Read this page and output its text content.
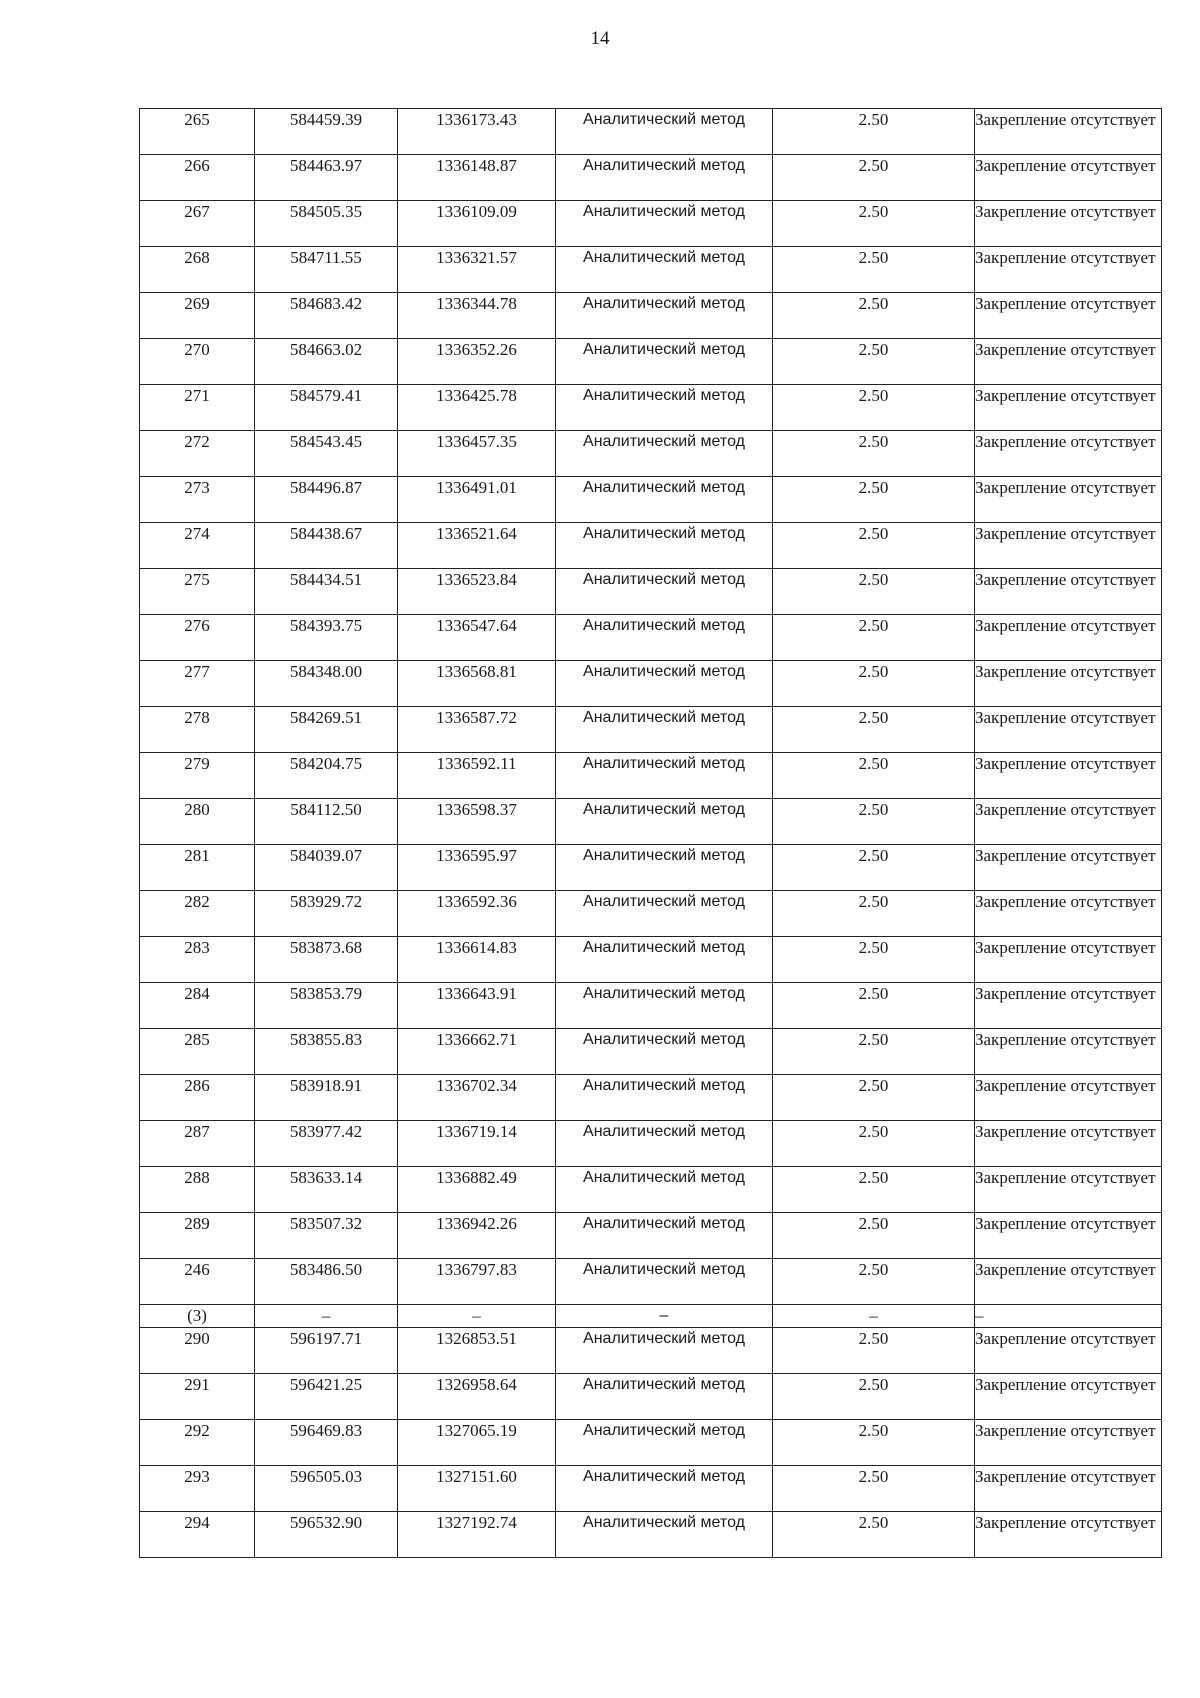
14
265	584459.39	1336173.43	Аналитический метод	2.50	Закрепление отсутствует
266	584463.97	1336148.87	Аналитический метод	2.50	Закрепление отсутствует
267	584505.35	1336109.09	Аналитический метод	2.50	Закрепление отсутствует
268	584711.55	1336321.57	Аналитический метод	2.50	Закрепление отсутствует
269	584683.42	1336344.78	Аналитический метод	2.50	Закрепление отсутствует
270	584663.02	1336352.26	Аналитический метод	2.50	Закрепление отсутствует
271	584579.41	1336425.78	Аналитический метод	2.50	Закрепление отсутствует
272	584543.45	1336457.35	Аналитический метод	2.50	Закрепление отсутствует
273	584496.87	1336491.01	Аналитический метод	2.50	Закрепление отсутствует
274	584438.67	1336521.64	Аналитический метод	2.50	Закрепление отсутствует
275	584434.51	1336523.84	Аналитический метод	2.50	Закрепление отсутствует
276	584393.75	1336547.64	Аналитический метод	2.50	Закрепление отсутствует
277	584348.00	1336568.81	Аналитический метод	2.50	Закрепление отсутствует
278	584269.51	1336587.72	Аналитический метод	2.50	Закрепление отсутствует
279	584204.75	1336592.11	Аналитический метод	2.50	Закрепление отсутствует
280	584112.50	1336598.37	Аналитический метод	2.50	Закрепление отсутствует
281	584039.07	1336595.97	Аналитический метод	2.50	Закрепление отсутствует
282	583929.72	1336592.36	Аналитический метод	2.50	Закрепление отсутствует
283	583873.68	1336614.83	Аналитический метод	2.50	Закрепление отсутствует
284	583853.79	1336643.91	Аналитический метод	2.50	Закрепление отсутствует
285	583855.83	1336662.71	Аналитический метод	2.50	Закрепление отсутствует
286	583918.91	1336702.34	Аналитический метод	2.50	Закрепление отсутствует
287	583977.42	1336719.14	Аналитический метод	2.50	Закрепление отсутствует
288	583633.14	1336882.49	Аналитический метод	2.50	Закрепление отсутствует
289	583507.32	1336942.26	Аналитический метод	2.50	Закрепление отсутствует
246	583486.50	1336797.83	Аналитический метод	2.50	Закрепление отсутствует
(3)	–	–	–	–	–
290	596197.71	1326853.51	Аналитический метод	2.50	Закрепление отсутствует
291	596421.25	1326958.64	Аналитический метод	2.50	Закрепление отсутствует
292	596469.83	1327065.19	Аналитический метод	2.50	Закрепление отсутствует
293	596505.03	1327151.60	Аналитический метод	2.50	Закрепление отсутствует
294	596532.90	1327192.74	Аналитический метод	2.50	Закрепление отсутствует
